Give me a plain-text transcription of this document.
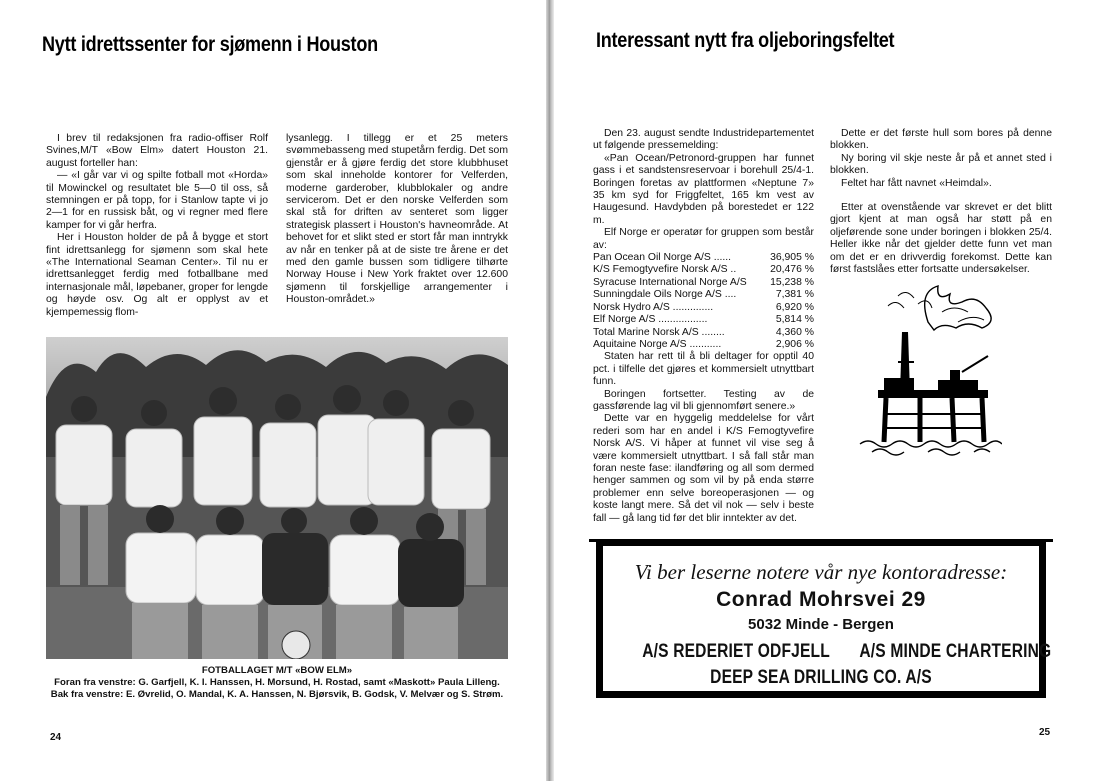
Nytt idrettssenter for sjømenn i Houston

I brev til redaksjonen fra radio-offiser Rolf Svines,M/T «Bow Elm» datert Houston 21. august forteller han:

— «I går var vi og spilte fotball mot «Horda» til Mowinckel og resultatet ble 5—0 til oss, så stemningen er på topp, for i Stanlow tapte vi jo 2—1 for en russisk båt, og vi regner med flere kamper for vi går herfra.

Her i Houston holder de på å bygge et stort fint idrettsanlegg for sjømenn som skal hete «The International Seaman Center». Til nu er idrettsanlegget ferdig med fotballbane med internasjonale mål, løpebaner, groper for lengde og høyde osv. Og alt er opplyst av et kjempemessig flom-

lysanlegg. I tillegg er et 25 meters svømmebasseng med stupetårn ferdig. Det som gjenstår er å gjøre ferdig det store klubbhuset som skal inneholde kontorer for Velferden, moderne garderober, klubblokaler og andre servicerom. Det er den norske Velferden som skal stå for driften av senteret som ligger strategisk plassert i Houston's havneområde. At behovet for et slikt sted er stort får man inntrykk av når en tenker på at de siste tre årene er det med den gamle bussen som tidligere tilhørte Norway House i New York fraktet over 12.600 sjømenn til forskjellige arrangementer i Houston-området.»

FOTBALLAGET M/T «BOW ELM»
Foran fra venstre: G. Garfjell, K. I. Hanssen, H. Morsund, H. Rostad, samt «Maskott» Paula Lilleng. Bak fra venstre: E. Øvrelid, O. Mandal, K. A. Hanssen, N. Bjørsvik, B. Godsk, V. Melvær og S. Strøm.
24
Interessant nytt fra oljeboringsfeltet

Den 23. august sendte Industridepartementet ut følgende pressemelding:

«Pan Ocean/Petronord-gruppen har funnet gass i et sandstensreservoar i borehull 25/4-1. Boringen foretas av plattformen «Neptune 7» 35 km syd for Friggfeltet, 165 km vest av Haugesund. Havdybden på borestedet er 122 m.

Elf Norge er operatør for gruppen som består av:

Pan Ocean Oil Norge A/S ......	36,905 %
K/S Femogtyvefire Norsk A/S ..	20,476 %
Syracuse International Norge A/S	15,238 %
Sunningdale Oils Norge A/S ....	7,381 %
Norsk Hydro A/S ..............	6,920 %
Elf Norge A/S .................	5,814 %
Total Marine Norsk A/S ........	4,360 %
Aquitaine Norge A/S ...........	2,906 %

Staten har rett til å bli deltager for opptil 40 pct. i tilfelle det gjøres et kommersielt utnyttbart funn.

Boringen fortsetter. Testing av de gassførende lag vil bli gjennomført senere.»

Dette var en hyggelig meddelelse for vårt rederi som har en andel i K/S Femogtyvefire Norsk A/S. Vi håper at funnet vil vise seg å være kommersielt utnyttbart. I så fall står man foran neste fase: ilandføring og all som dermed henger sammen og som vil by på enda større problemer enn selve boreoperasjonen — og koste langt mere. Så det vil nok — selv i beste fall — gå lang tid før det blir inntekter av det.

Dette er det første hull som bores på denne blokken.

Ny boring vil skje neste år på et annet sted i blokken.

Feltet har fått navnet «Heimdal».

Etter at ovenstående var skrevet er det blitt gjort kjent at man også har støtt på en oljeførende sone under boringen i blokken 25/4. Heller ikke når det gjelder dette funn vet man om det er en drivverdig forekomst. Dette kan først fastslåes etter fortsatte undersøkelser.

Vi ber leserne notere vår nye kontoradresse:
Conrad Mohrsvei 29
5032 Minde - Bergen
A/S REDERIET ODFJELL A/S MINDE CHARTERING
DEEP SEA DRILLING CO. A/S
25
